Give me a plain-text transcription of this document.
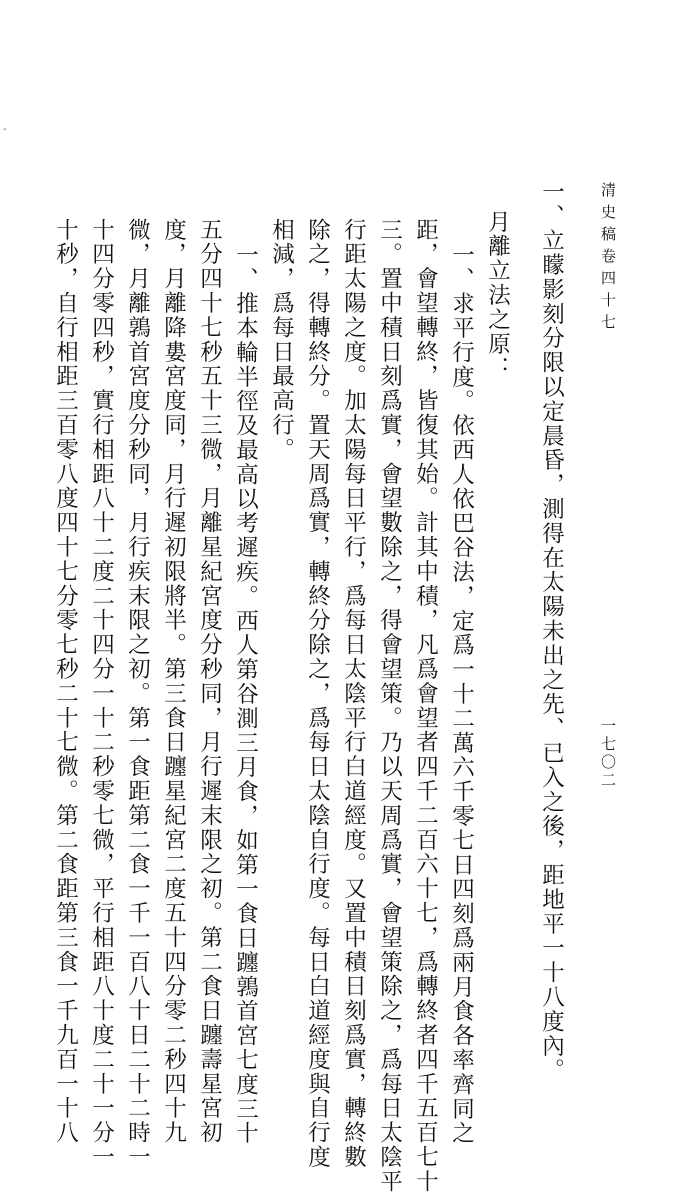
-
清史稿卷四十七
一七〇二
一、立矇影刻分限以定晨昏，測得在太陽未出之先、已入之後，距地平一十八度內。
月離立法之原：
一、求平行度。依西人依巴谷法，定爲一十二萬六千零七日四刻爲兩月食各率齊同之
距，會望轉終，皆復其始。計其中積，凡爲會望者四千二百六十七，爲轉終者四千五百七十
三。置中積日刻爲實，會望數除之，得會望策。乃以天周爲實，會望策除之，爲每日太陰平
行距太陽之度。加太陽每日平行，爲每日太陰平行白道經度。又置中積日刻爲實，轉終數
除之，得轉終分。置天周爲實，轉終分除之，爲每日太陰自行度。每日白道經度與自行度
相減，爲每日最高行。
一、推本輪半徑及最高以考遲疾。西人第谷測三月食，如第一食日躔鶉首宮七度三十
五分四十七秒五十三微，月離星紀宮度分秒同，月行遲末限之初。第二食日躔壽星宮初
度，月離降婁宮度同，月行遲初限將半。第三食日躔星紀宮二度五十四分零二秒四十九
微，月離鶉首宮度分秒同，月行疾末限之初。第一食距第二食一千一百八十日二十二時一
十四分零四秒，實行相距八十二度二十四分一十二秒零七微，平行相距八十度二十一分一
十秒，自行相距三百零八度四十七分零七秒二十七微。第二食距第三食一千九百一十八
